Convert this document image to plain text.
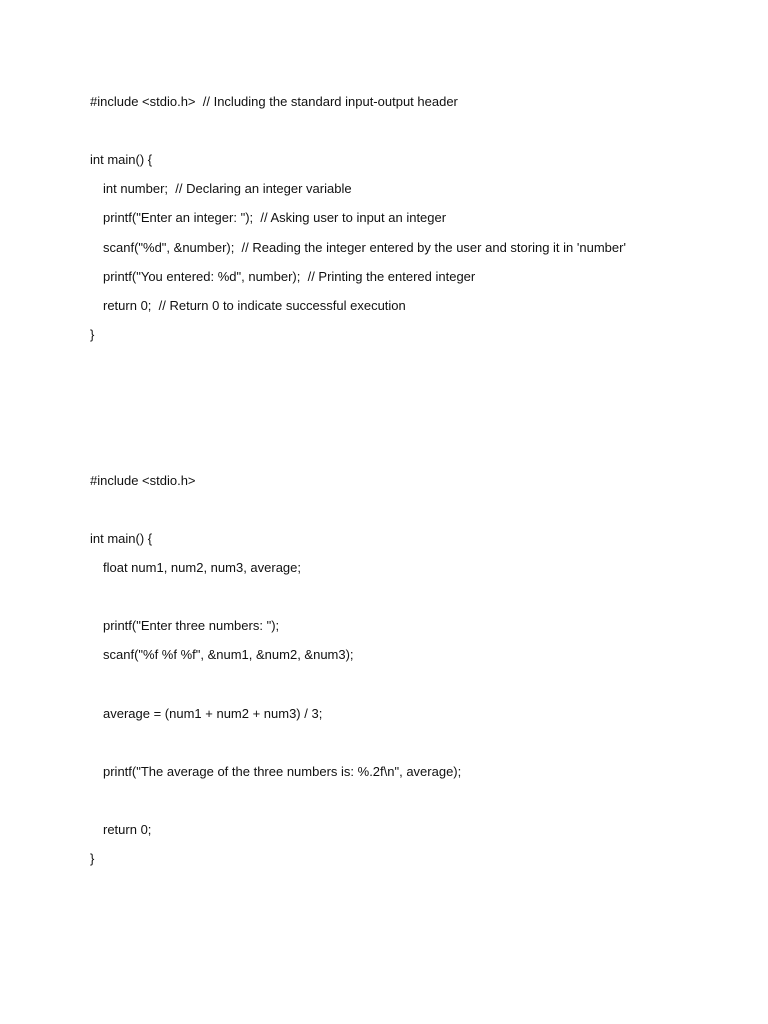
#include <stdio.h>  // Including the standard input-output header
int main() {
int number;  // Declaring an integer variable
printf("Enter an integer: ");  // Asking user to input an integer
scanf("%d", &number);  // Reading the integer entered by the user and storing it in 'number'
printf("You entered: %d", number);  // Printing the entered integer
return 0;  // Return 0 to indicate successful execution
}
#include <stdio.h>
int main() {
float num1, num2, num3, average;
printf("Enter three numbers: ");
scanf("%f %f %f", &num1, &num2, &num3);
average = (num1 + num2 + num3) / 3;
printf("The average of the three numbers is: %.2f\n", average);
return 0;
}
